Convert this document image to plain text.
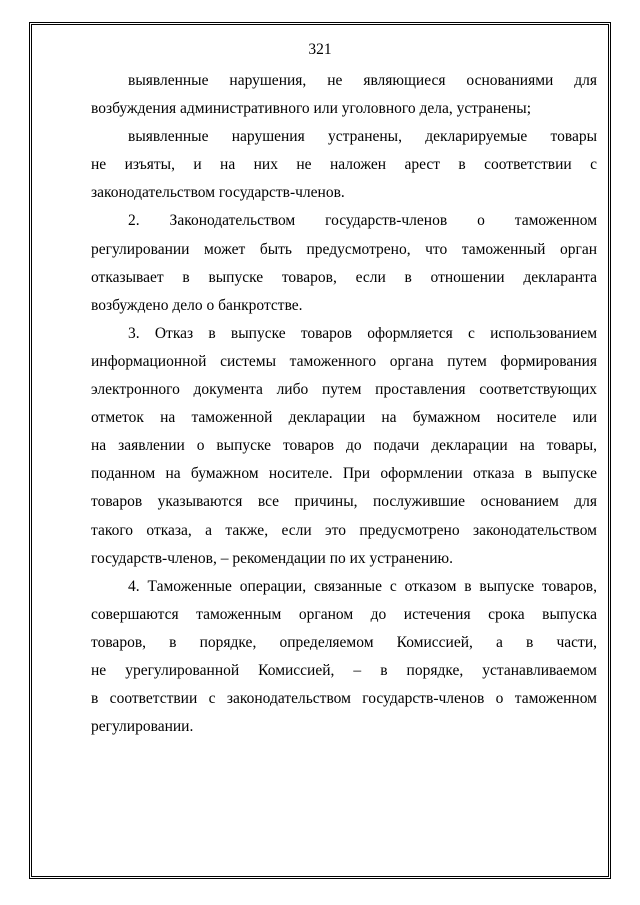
321
выявленные нарушения, не являющиеся основаниями для
возбуждения административного или уголовного дела, устранены;
выявленные нарушения устранены, декларируемые товары
не изъяты, и на них не наложен арест в соответствии с
законодательством государств-членов.
2. Законодательством государств-членов о таможенном
регулировании может быть предусмотрено, что таможенный орган
отказывает в выпуске товаров, если в отношении декларанта
возбуждено дело о банкротстве.
3. Отказ в выпуске товаров оформляется с использованием
информационной системы таможенного органа путем формирования
электронного документа либо путем проставления соответствующих
отметок на таможенной декларации на бумажном носителе или
на заявлении о выпуске товаров до подачи декларации на товары,
поданном на бумажном носителе. При оформлении отказа в выпуске
товаров указываются все причины, послужившие основанием для
такого отказа, а также, если это предусмотрено законодательством
государств-членов, – рекомендации по их устранению.
4. Таможенные операции, связанные с отказом в выпуске товаров,
совершаются таможенным органом до истечения срока выпуска
товаров, в порядке, определяемом Комиссией, а в части,
не урегулированной Комиссией, – в порядке, устанавливаемом
в соответствии с законодательством государств-членов о таможенном
регулировании.
